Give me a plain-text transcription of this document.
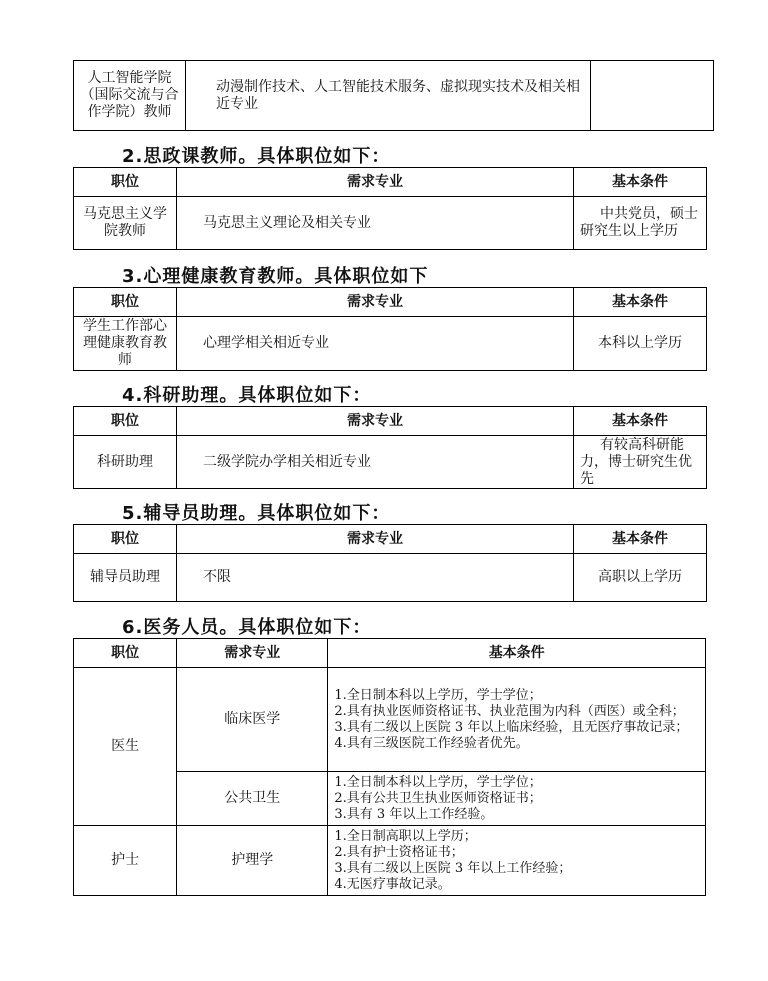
人工智能学院（国际交流与合作学院）教师	动漫制作技术、人工智能技术服务、虚拟现实技术及相关相近专业	
2.思政课教师。具体职位如下：
职位	需求专业	基本条件
马克思主义学院教师	马克思主义理论及相关专业	中共党员，硕士研究生以上学历
3.心理健康教育教师。具体职位如下
职位	需求专业	基本条件
学生工作部心理健康教育教师	心理学相关相近专业	本科以上学历
4.科研助理。具体职位如下：
职位	需求专业	基本条件
科研助理	二级学院办学相关相近专业	有较高科研能力，博士研究生优先
5.辅导员助理。具体职位如下：
职位	需求专业	基本条件
辅导员助理	不限	高职以上学历
6.医务人员。具体职位如下：
职位	需求专业	基本条件
医生	临床医学	1.全日制本科以上学历，学士学位；

2.具有执业医师资格证书、执业范围为内科（西医）或全科；

3.具有二级以上医院 3 年以上临床经验，且无医疗事故记录；

4.具有三级医院工作经验者优先。

	公共卫生	1.全日制本科以上学历，学士学位；

2.具有公共卫生执业医师资格证书；

3.具有 3 年以上工作经验。

护士	护理学	1.全日制高职以上学历；

2.具有护士资格证书；

3.具有二级以上医院 3 年以上工作经验；

4.无医疗事故记录。
